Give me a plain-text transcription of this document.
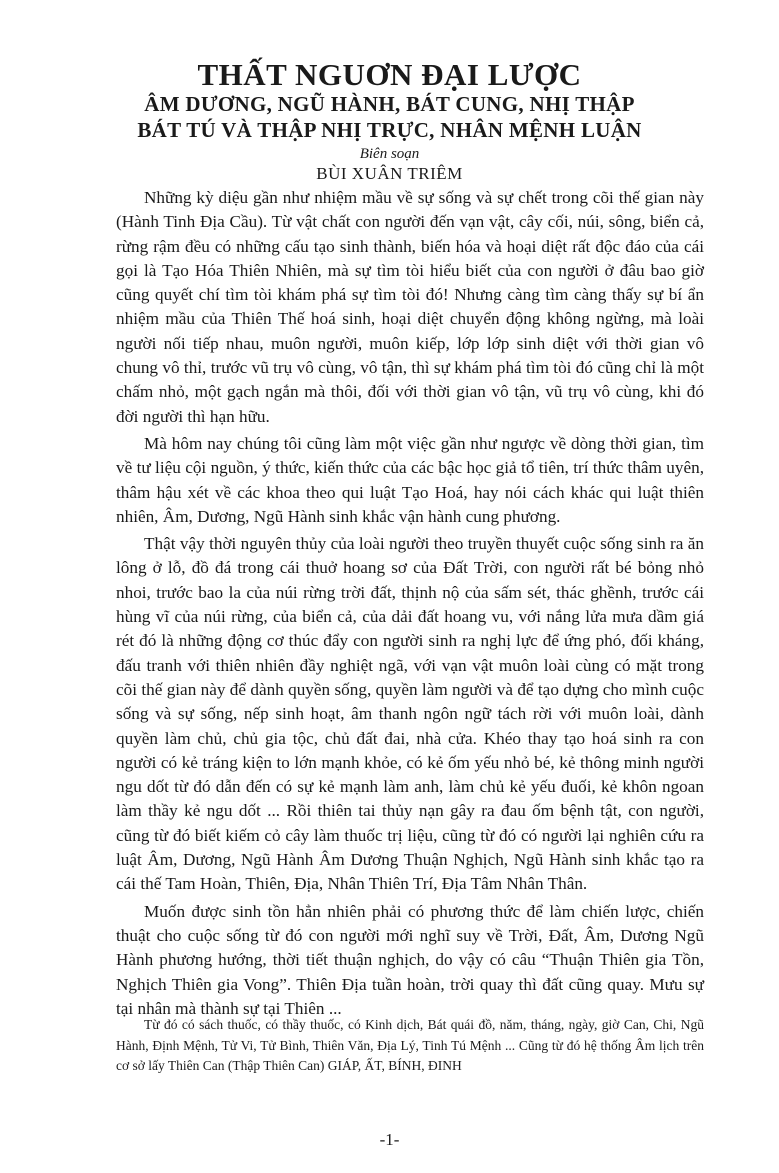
THẤT NGUƠN ĐẠI LƯỢC
ÂM DƯƠNG, NGŨ HÀNH, BÁT CUNG, NHỊ THẬP
BÁT TÚ VÀ THẬP NHỊ TRỰC, NHÂN MỆNH LUẬN
Biên soạn
BÙI XUÂN TRIÊM

Những kỳ diệu gần như nhiệm mầu về sự sống và sự chết trong cõi thế gian này (Hành Tinh Địa Cầu). Từ vật chất con người đến vạn vật, cây cối, núi, sông, biển cả, rừng rậm đều có những cấu tạo sinh thành, biến hóa và hoại diệt rất độc đáo của cái gọi là Tạo Hóa Thiên Nhiên, mà sự tìm tòi hiểu biết của con người ở đâu bao giờ cũng quyết chí tìm tòi khám phá sự tìm tòi đó! Nhưng càng tìm càng thấy sự bí ẩn nhiệm mầu của Thiên Thế hoá sinh, hoại diệt chuyển động không ngừng, mà loài người nối tiếp nhau, muôn người, muôn kiếp, lớp lớp sinh diệt với thời gian vô chung vô thỉ, trước vũ trụ vô cùng, vô tận, thì sự khám phá tìm tòi đó cũng chỉ là một chấm nhỏ, một gạch ngắn mà thôi, đối với thời gian vô tận, vũ trụ vô cùng, khi đó đời người thì hạn hữu.

Mà hôm nay chúng tôi cũng làm một việc gần như ngược về dòng thời gian, tìm về tư liệu cội nguồn, ý thức, kiến thức của các bậc học giả tổ tiên, trí thức thâm uyên, thâm hậu xét về các khoa theo qui luật Tạo Hoá, hay nói cách khác qui luật thiên nhiên, Âm, Dương, Ngũ Hành sinh khắc vận hành cung phương.

Thật vậy thời nguyên thủy của loài người theo truyền thuyết cuộc sống sinh ra ăn lông ở lỗ, đồ đá trong cái thuở hoang sơ của Đất Trời, con người rất bé bỏng nhỏ nhoi, trước bao la của núi rừng trời đất, thịnh nộ của sấm sét, thác ghềnh, trước cái hùng vĩ của núi rừng, của biển cả, của dải đất hoang vu, với nắng lửa mưa dầm giá rét đó là những động cơ thúc đẩy con người sinh ra nghị lực để ứng phó, đối kháng, đấu tranh với thiên nhiên đầy nghiệt ngã, với vạn vật muôn loài cùng có mặt trong cõi thế gian này để dành quyền sống, quyền làm người và để tạo dựng cho mình cuộc sống và sự sống, nếp sinh hoạt, âm thanh ngôn ngữ tách rời với muôn loài, dành quyền làm chủ, chủ gia tộc, chủ đất đai, nhà cửa. Khéo thay tạo hoá sinh ra con người có kẻ tráng kiện to lớn mạnh khỏe, có kẻ ốm yếu nhỏ bé, kẻ thông minh người ngu dốt từ đó dẫn đến có sự kẻ mạnh làm anh, làm chủ kẻ yếu đuối, kẻ khôn ngoan làm thầy kẻ ngu dốt ... Rồi thiên tai thủy nạn gây ra đau ốm bệnh tật, con người, cũng từ đó biết kiếm cỏ cây làm thuốc trị liệu, cũng từ đó có người lại nghiên cứu ra luật Âm, Dương, Ngũ Hành Âm Dương Thuận Nghịch, Ngũ Hành sinh khắc tạo ra cái thế Tam Hoàn, Thiên, Địa, Nhân Thiên Trí, Địa Tâm Nhân Thân.

Muốn được sinh tồn hẳn nhiên phải có phương thức để làm chiến lược, chiến thuật cho cuộc sống từ đó con người mới nghĩ suy về Trời, Đất, Âm, Dương Ngũ Hành phương hướng, thời tiết thuận nghịch, do vậy có câu “Thuận Thiên gia Tồn, Nghịch Thiên gia Vong”. Thiên Địa tuần hoàn, trời quay thì đất cũng quay. Mưu sự tại nhân mà thành sự tại Thiên ...

Từ đó có sách thuốc, có thầy thuốc, có Kinh dịch, Bát quái đồ, năm, tháng, ngày, giờ Can, Chi, Ngũ Hành, Định Mệnh, Tử Vi, Tử Bình, Thiên Văn, Địa Lý, Tinh Tú Mệnh ... Cũng từ đó hệ thống Âm lịch trên cơ sở lấy Thiên Can (Thập Thiên Can) GIÁP, ẤT, BÍNH, ĐINH

-1-
